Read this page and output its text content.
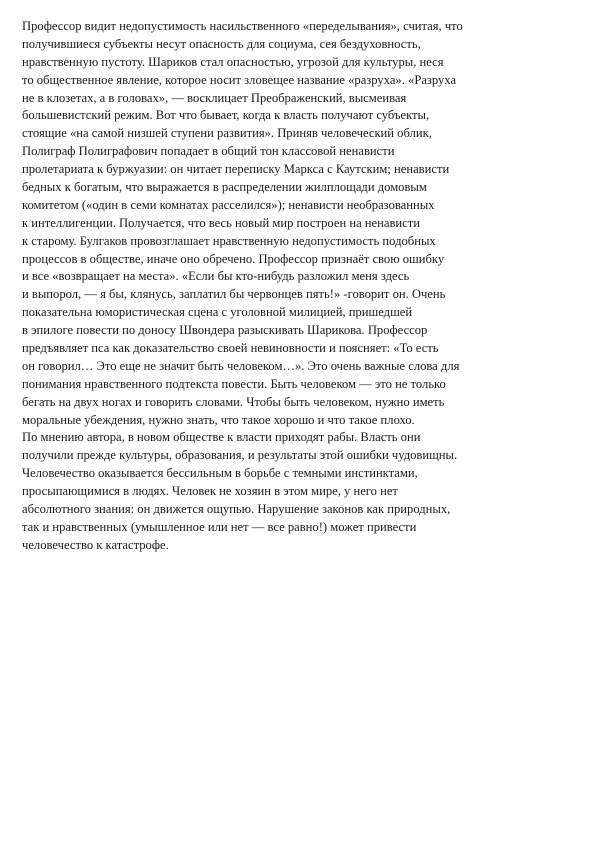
Профессор видит недопустимость насильственного «переделывания», считая, что
получившиеся субъекты несут опасность для социума, сея бездуховность,
нравственную пустоту. Шариков стал опасностью, угрозой для культуры, неся
то общественное явление, которое носит зловещее название «разруха». «Разруха
не в клозетах, а в головах», — восклицает Преображенский, высмеивая
большевистский режим. Вот что бывает, когда к власть получают субъекты,
стоящие «на самой низшей ступени развития». Приняв человеческий облик,
Полиграф Полиграфович попадает в общий тон классовой ненависти
пролетариата к буржуазии: он читает переписку Маркса с Каутским; ненависти
бедных к богатым, что выражается в распределении жилплощади домовым
комитетом («один в семи комнатах расселился»); ненависти необразованных
к интеллигенции. Получается, что весь новый мир построен на ненависти
к старому. Булгаков провозглашает нравственную недопустимость подобных
процессов в обществе, иначе оно обречено. Профессор признаёт свою ошибку
и все «возвращает на места». «Если бы кто-нибудь разложил меня здесь
и выпорол, — я бы, клянусь, заплатил бы червонцев пять!» -говорит он. Очень
показательна юмористическая сцена с уголовной милицией, пришедшей
в эпилоге повести по доносу Швондера разыскивать Шарикова. Профессор
предъявляет пса как доказательство своей невиновности и поясняет: «То есть
он говорил… Это еще не значит быть человеком…». Это очень важные слова для
понимания нравственного подтекста повести. Быть человеком — это не только
бегать на двух ногах и говорить словами. Чтобы быть человеком, нужно иметь
моральные убеждения, нужно знать, что такое хорошо и что такое плохо.
По мнению автора, в новом обществе к власти приходят рабы. Власть они
получили прежде культуры, образования, и результаты этой ошибки чудовищны.
Человечество оказывается бессильным в борьбе с темными инстинктами,
просыпающимися в людях. Человек не хозяин в этом мире, у него нет
абсолютного знания: он движется ощупью. Нарушение законов как природных,
так и нравственных (умышленное или нет — все равно!) может привести
человечество к катастрофе.
